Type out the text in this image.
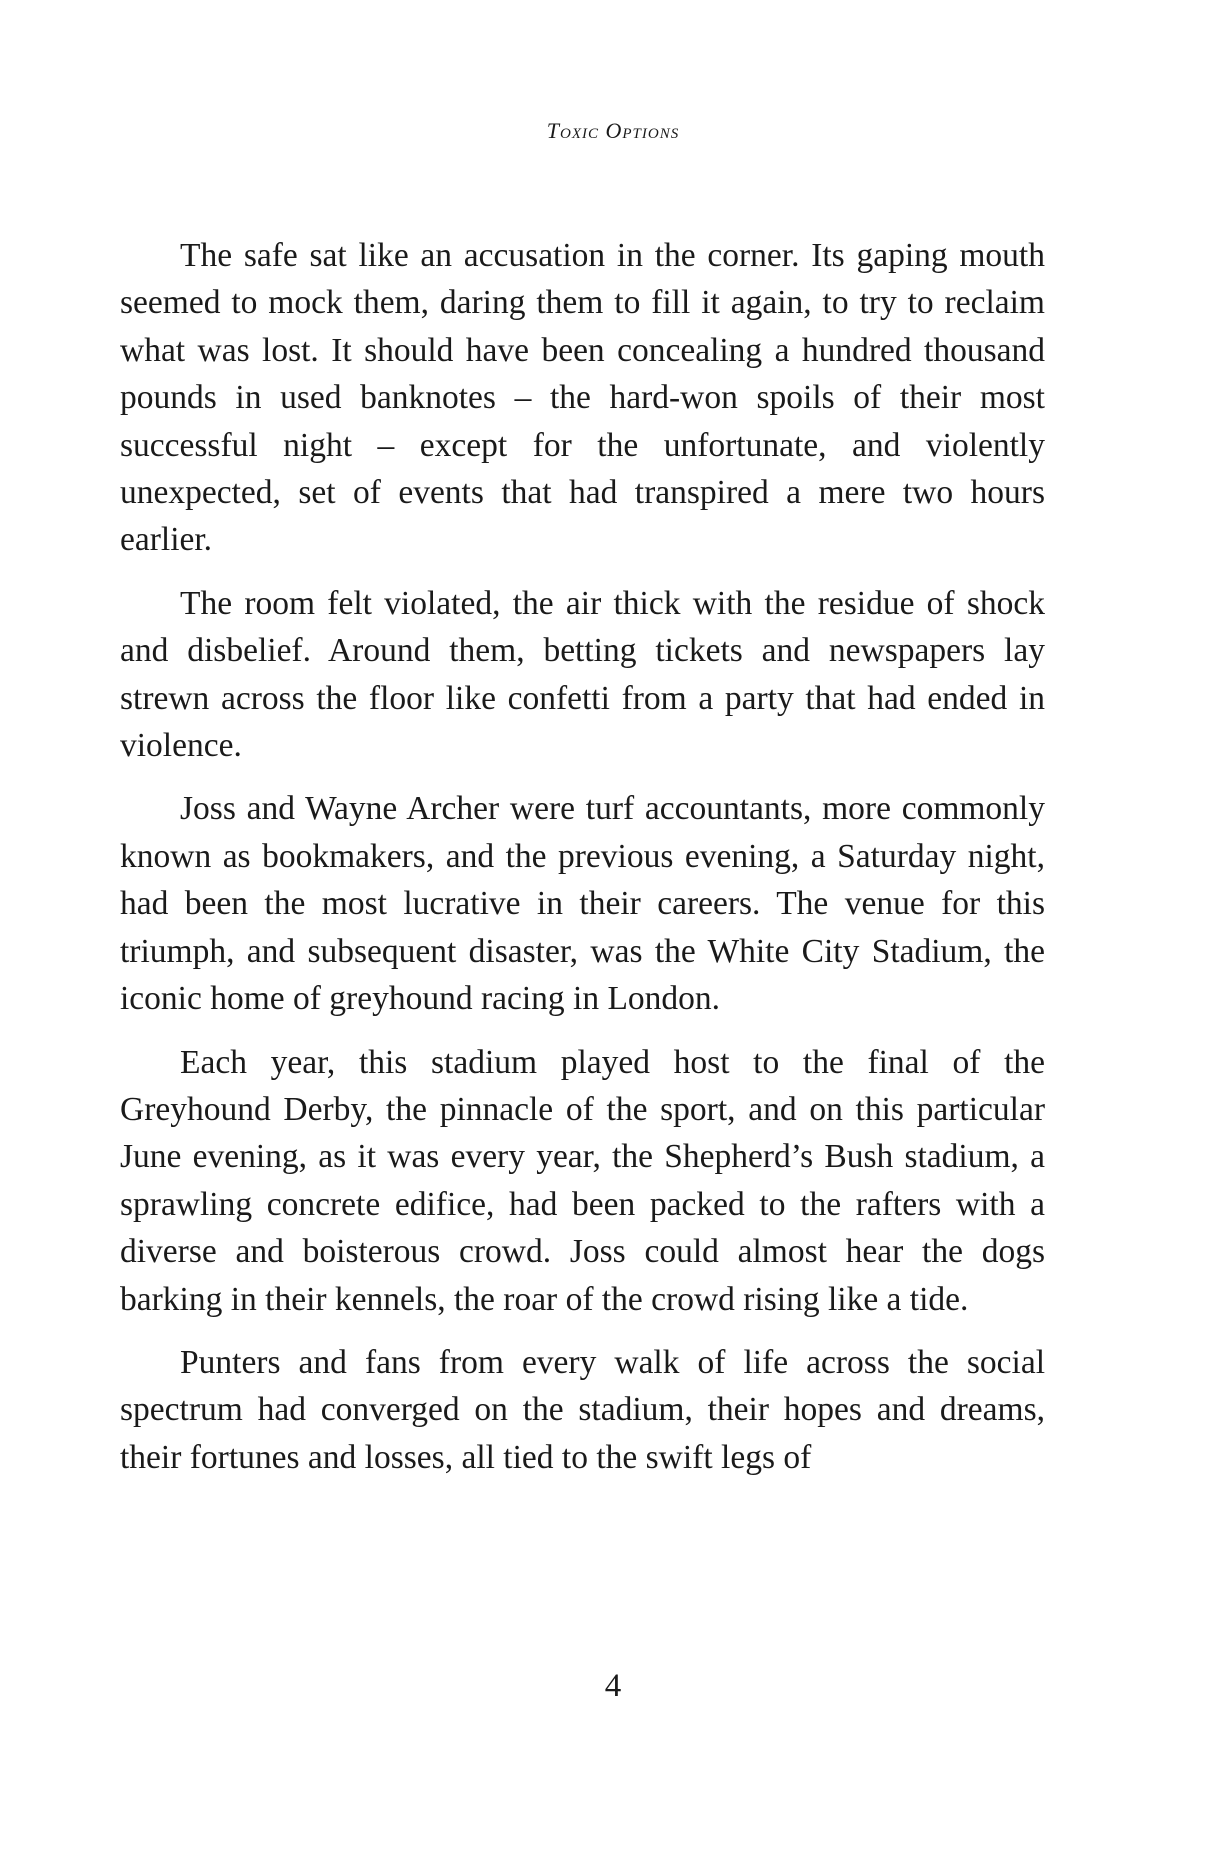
Toxic Options

The safe sat like an accusation in the corner. Its gaping mouth seemed to mock them, daring them to fill it again, to try to reclaim what was lost. It should have been concealing a hundred thousand pounds in used banknotes – the hard-won spoils of their most successful night – except for the unfortunate, and violently unexpected, set of events that had transpired a mere two hours earlier.

The room felt violated, the air thick with the residue of shock and disbelief. Around them, betting tickets and newspapers lay strewn across the floor like confetti from a party that had ended in violence.

Joss and Wayne Archer were turf accountants, more commonly known as bookmakers, and the previous evening, a Saturday night, had been the most lucrative in their careers. The venue for this triumph, and subsequent disaster, was the White City Stadium, the iconic home of greyhound racing in London.

Each year, this stadium played host to the final of the Greyhound Derby, the pinnacle of the sport, and on this particular June evening, as it was every year, the Shepherd’s Bush stadium, a sprawling concrete edifice, had been packed to the rafters with a diverse and boisterous crowd. Joss could almost hear the dogs barking in their kennels, the roar of the crowd rising like a tide.

Punters and fans from every walk of life across the social spectrum had converged on the stadium, their hopes and dreams, their fortunes and losses, all tied to the swift legs of

4
